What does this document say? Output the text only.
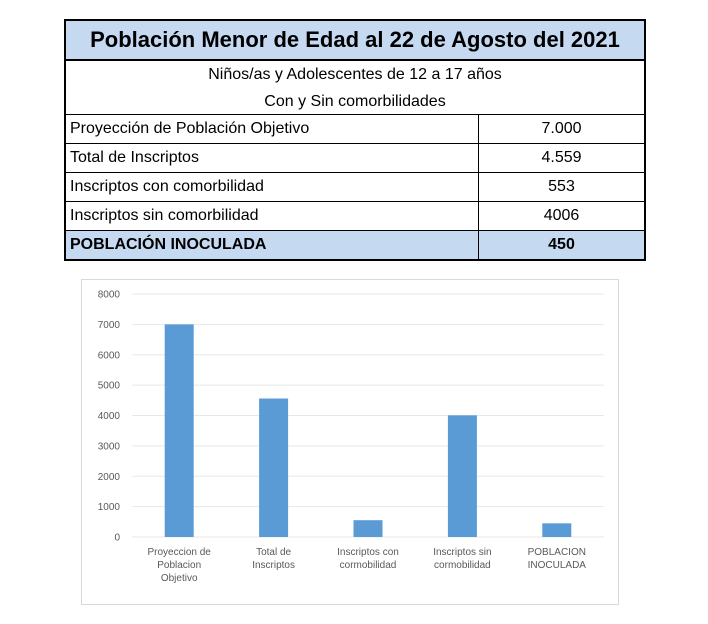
Población Menor de Edad al 22 de Agosto del 2021
Niños/as y Adolescentes de 12 a 17 años
Con y Sin comorbilidades
Proyección de Población Objetivo	7.000
Total de Inscriptos	4.559
Inscriptos con comorbilidad	553
Inscriptos sin comorbilidad	4006
POBLACIÓN INOCULADA	450
0
1000
2000
3000
4000
5000
6000
7000
8000
Proyeccion de Poblacion Objetivo
Total de Inscriptos
Inscriptos con cormobilidad
Inscriptos sin cormobilidad
POBLACION INOCULADA
